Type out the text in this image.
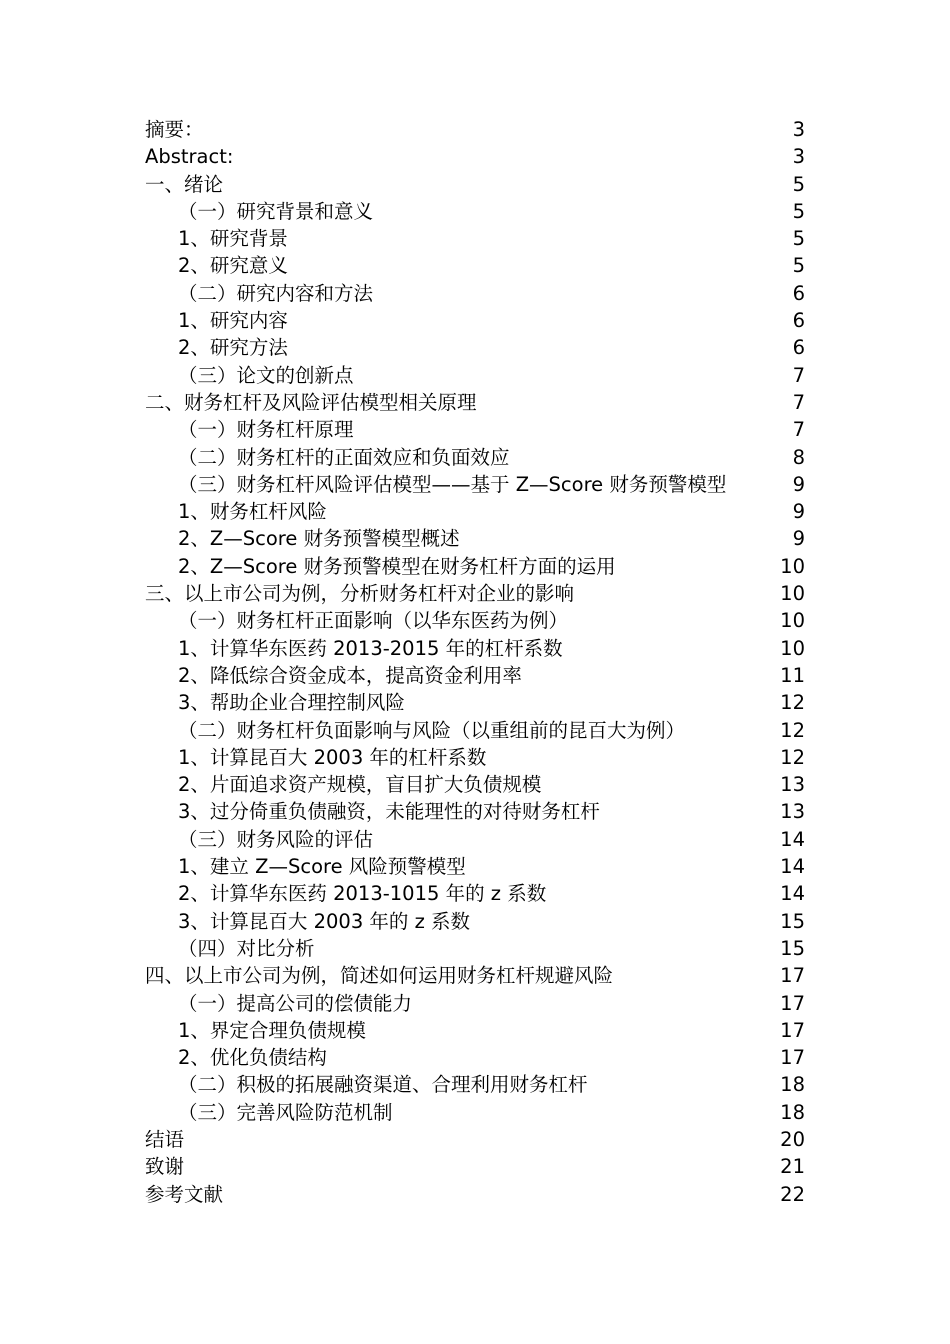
摘要：	3
Abstract:	3
一、绪论	5
（一）研究背景和意义	5
1、研究背景	5
2、研究意义	5
（二）研究内容和方法	6
1、研究内容	6
2、研究方法	6
（三）论文的创新点	7
二、财务杠杆及风险评估模型相关原理	7
（一）财务杠杆原理	7
（二）财务杠杆的正面效应和负面效应	8
（三）财务杠杆风险评估模型——基于 Z—Score 财务预警模型	9
1、财务杠杆风险	9
2、Z—Score 财务预警模型概述	9
2、Z—Score 财务预警模型在财务杠杆方面的运用	10
三、以上市公司为例，分析财务杠杆对企业的影响	10
（一）财务杠杆正面影响（以华东医药为例）	10
1、计算华东医药 2013-2015 年的杠杆系数	10
2、降低综合资金成本，提高资金利用率	11
3、帮助企业合理控制风险	12
（二）财务杠杆负面影响与风险（以重组前的昆百大为例）	12
1、计算昆百大 2003 年的杠杆系数	12
2、片面追求资产规模，盲目扩大负债规模	13
3、过分倚重负债融资，未能理性的对待财务杠杆	13
（三）财务风险的评估	14
1、建立 Z—Score 风险预警模型	14
2、计算华东医药 2013-1015 年的 z 系数	14
3、计算昆百大 2003 年的 z 系数	15
（四）对比分析	15
四、以上市公司为例，简述如何运用财务杠杆规避风险	17
（一）提高公司的偿债能力	17
1、界定合理负债规模	17
2、优化负债结构	17
（二）积极的拓展融资渠道、合理利用财务杠杆	18
（三）完善风险防范机制	18
结语	20
致谢	21
参考文献	22
